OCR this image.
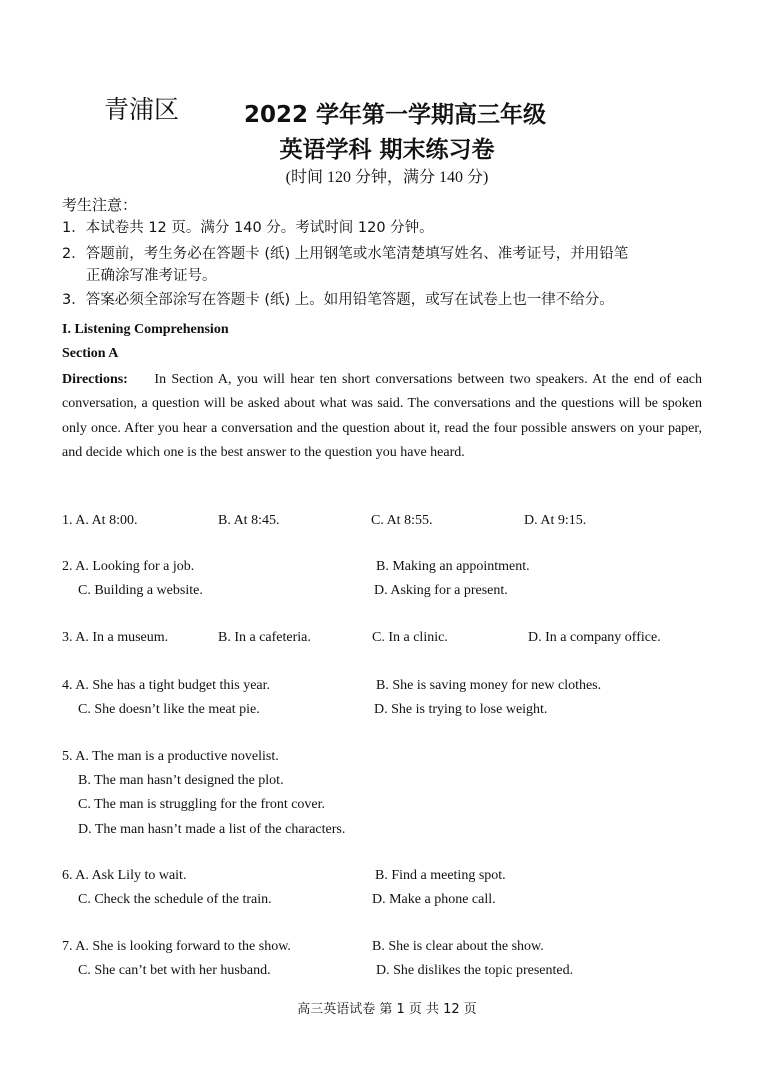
青浦区	2022 学年第一学期高三年级
英语学科 期末练习卷
(时间 120 分钟，满分 140 分)
考生注意：
1．本试卷共 12 页。满分 140 分。考试时间 120 分钟。
2．答题前，考生务必在答题卡 (纸) 上用钢笔或水笔清楚填写姓名、准考证号，并用铅笔
正确涂写准考证号。
3．答案必须全部涂写在答题卡 (纸) 上。如用铅笔答题，或写在试卷上也一律不给分。
I. Listening Comprehension
Section A
Directions: In Section A, you will hear ten short conversations between two speakers. At the end of each conversation, a question will be asked about what was said. The conversations and the questions will be spoken only once. After you hear a conversation and the question about it, read the four possible answers on your paper, and decide which one is the best answer to the question you have heard.
1. A. At 8:00.	B. At 8:45.	C. At 8:55.	D. At 9:15.
2. A. Looking for a job.	B. Making an appointment.
C. Building a website.	D. Asking for a present.
3. A. In a museum.	B. In a cafeteria.	C. In a clinic.	D. In a company office.
4. A. She has a tight budget this year.	B. She is saving money for new clothes.
C. She doesn’t like the meat pie.	D. She is trying to lose weight.
5. A. The man is a productive novelist.
B. The man hasn’t designed the plot.
C. The man is struggling for the front cover.
D. The man hasn’t made a list of the characters.
6. A. Ask Lily to wait.	B. Find a meeting spot.
C. Check the schedule of the train.	D. Make a phone call.
7. A. She is looking forward to the show.	B. She is clear about the show.
C. She can’t bet with her husband.	D. She dislikes the topic presented.
高三英语试卷 第 1 页 共 12 页
